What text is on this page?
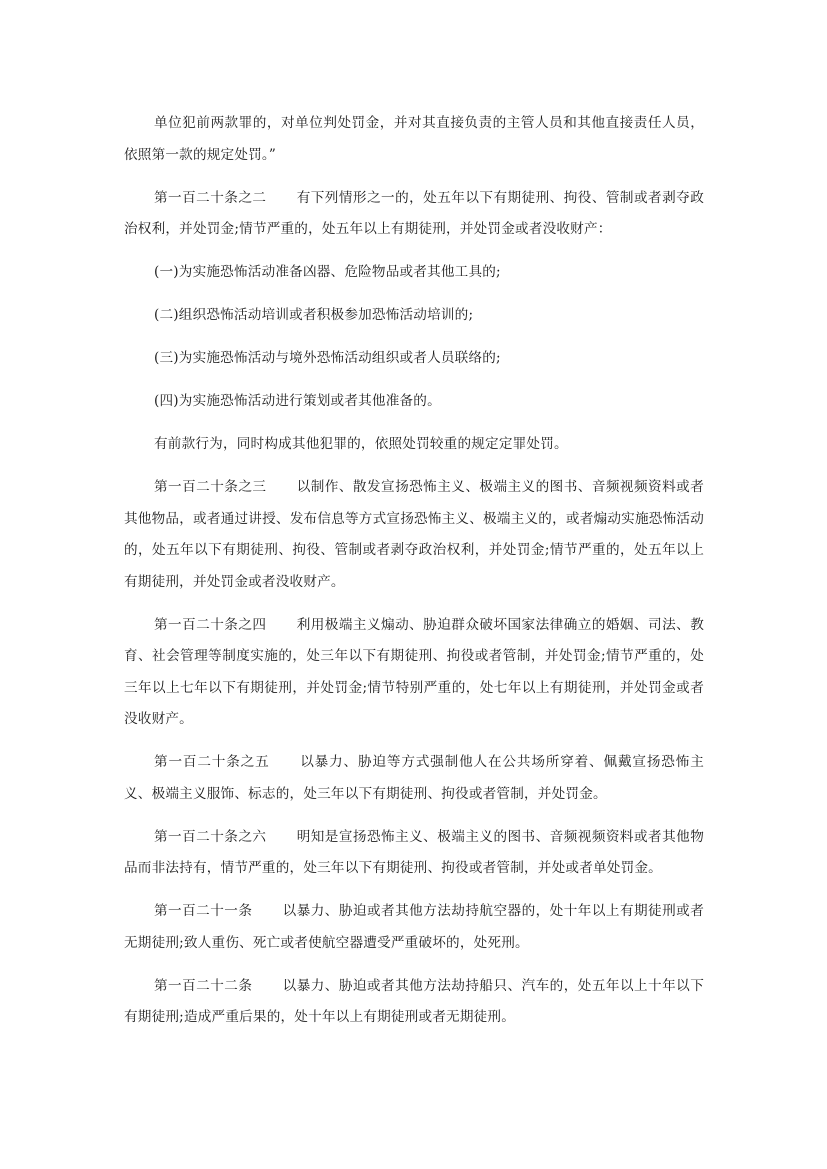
单位犯前两款罪的，对单位判处罚金，并对其直接负责的主管人员和其他直接责任人员，依照第一款的规定处罚。”

第一百二十条之二 有下列情形之一的，处五年以下有期徒刑、拘役、管制或者剥夺政治权利，并处罚金;情节严重的，处五年以上有期徒刑，并处罚金或者没收财产：

(一)为实施恐怖活动准备凶器、危险物品或者其他工具的;

(二)组织恐怖活动培训或者积极参加恐怖活动培训的;

(三)为实施恐怖活动与境外恐怖活动组织或者人员联络的;

(四)为实施恐怖活动进行策划或者其他准备的。

有前款行为，同时构成其他犯罪的，依照处罚较重的规定定罪处罚。

第一百二十条之三 以制作、散发宣扬恐怖主义、极端主义的图书、音频视频资料或者其他物品，或者通过讲授、发布信息等方式宣扬恐怖主义、极端主义的，或者煽动实施恐怖活动的，处五年以下有期徒刑、拘役、管制或者剥夺政治权利，并处罚金;情节严重的，处五年以上有期徒刑，并处罚金或者没收财产。

第一百二十条之四 利用极端主义煽动、胁迫群众破坏国家法律确立的婚姻、司法、教育、社会管理等制度实施的，处三年以下有期徒刑、拘役或者管制，并处罚金;情节严重的，处三年以上七年以下有期徒刑，并处罚金;情节特别严重的，处七年以上有期徒刑，并处罚金或者没收财产。

第一百二十条之五 以暴力、胁迫等方式强制他人在公共场所穿着、佩戴宣扬恐怖主义、极端主义服饰、标志的，处三年以下有期徒刑、拘役或者管制，并处罚金。

第一百二十条之六 明知是宣扬恐怖主义、极端主义的图书、音频视频资料或者其他物品而非法持有，情节严重的，处三年以下有期徒刑、拘役或者管制，并处或者单处罚金。

第一百二十一条 以暴力、胁迫或者其他方法劫持航空器的，处十年以上有期徒刑或者无期徒刑;致人重伤、死亡或者使航空器遭受严重破坏的，处死刑。

第一百二十二条 以暴力、胁迫或者其他方法劫持船只、汽车的，处五年以上十年以下有期徒刑;造成严重后果的，处十年以上有期徒刑或者无期徒刑。
